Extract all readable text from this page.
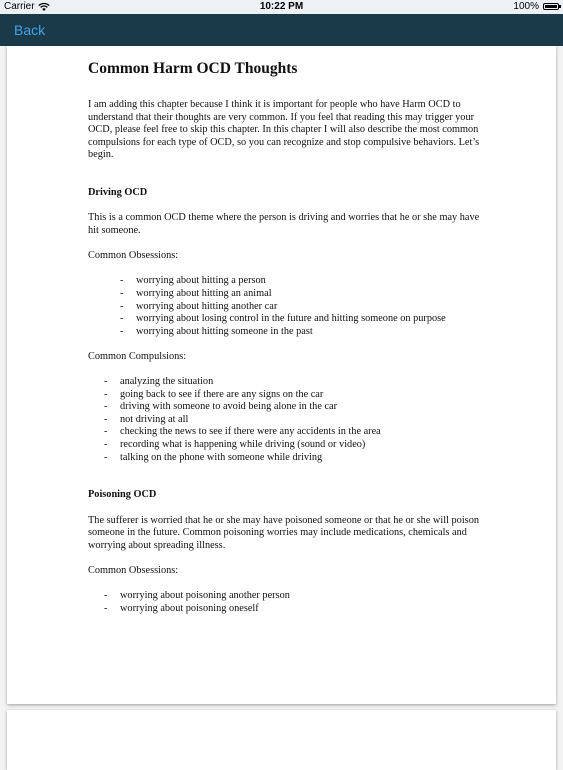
Carrier	10:22 PM	100%
Back
Common Harm OCD Thoughts

I am adding this chapter because I think it is important for people who have Harm OCD to understand that their thoughts are very common. If you feel that reading this may trigger your OCD, please feel free to skip this chapter. In this chapter I will also describe the most common compulsions for each type of OCD, so you can recognize and stop compulsive behaviors. Let’s begin.

Driving OCD

This is a common OCD theme where the person is driving and worries that he or she may have hit someone.

Common Obsessions:

- worrying about hitting a person
- worrying about hitting an animal
- worrying about hitting another car
- worrying about losing control in the future and hitting someone on purpose
- worrying about hitting someone in the past

Common Compulsions:

- analyzing the situation
- going back to see if there are any signs on the car
- driving with someone to avoid being alone in the car
- not driving at all
- checking the news to see if there were any accidents in the area
- recording what is happening while driving (sound or video)
- talking on the phone with someone while driving
Poisoning OCD

The sufferer is worried that he or she may have poisoned someone or that he or she will poison someone in the future. Common poisoning worries may include medications, chemicals and worrying about spreading illness.

Common Obsessions:

- worrying about poisoning another person
- worrying about poisoning oneself
